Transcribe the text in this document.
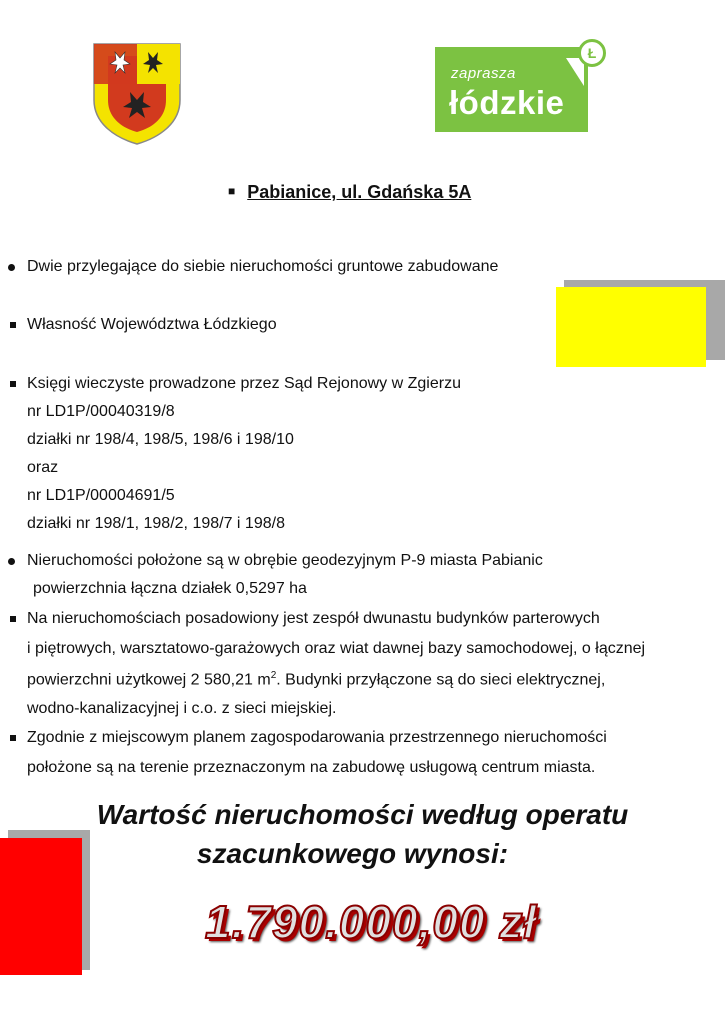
zaprasza
łódzkie
Ł
■ Pabianice, ul. Gdańska 5A
Dwie przylegające do siebie nieruchomości gruntowe zabudowane
Własność Województwa Łódzkiego
Księgi wieczyste prowadzone przez Sąd Rejonowy w Zgierzu
nr LD1P/00040319/8
działki nr 198/4, 198/5, 198/6 i 198/10
oraz
nr LD1P/00004691/5
działki nr 198/1, 198/2, 198/7 i 198/8
Nieruchomości położone są w obrębie geodezyjnym P-9 miasta Pabianic
powierzchnia łączna działek 0,5297 ha
Na nieruchomościach posadowiony jest zespół dwunastu budynków parterowych
i piętrowych, warsztatowo-garażowych oraz wiat dawnej bazy samochodowej, o łącznej
powierzchni użytkowej 2 580,21 $m^2$. Budynki przyłączone są do sieci elektrycznej,
wodno-kanalizacyjnej i c.o. z sieci miejskiej.
Zgodnie z miejscowym planem zagospodarowania przestrzennego nieruchomości
położone są na terenie przeznaczonym na zabudowę usługową centrum miasta.
Wartość nieruchomości według operatu
szacunkowego wynosi:
1.790.000,00 zł
